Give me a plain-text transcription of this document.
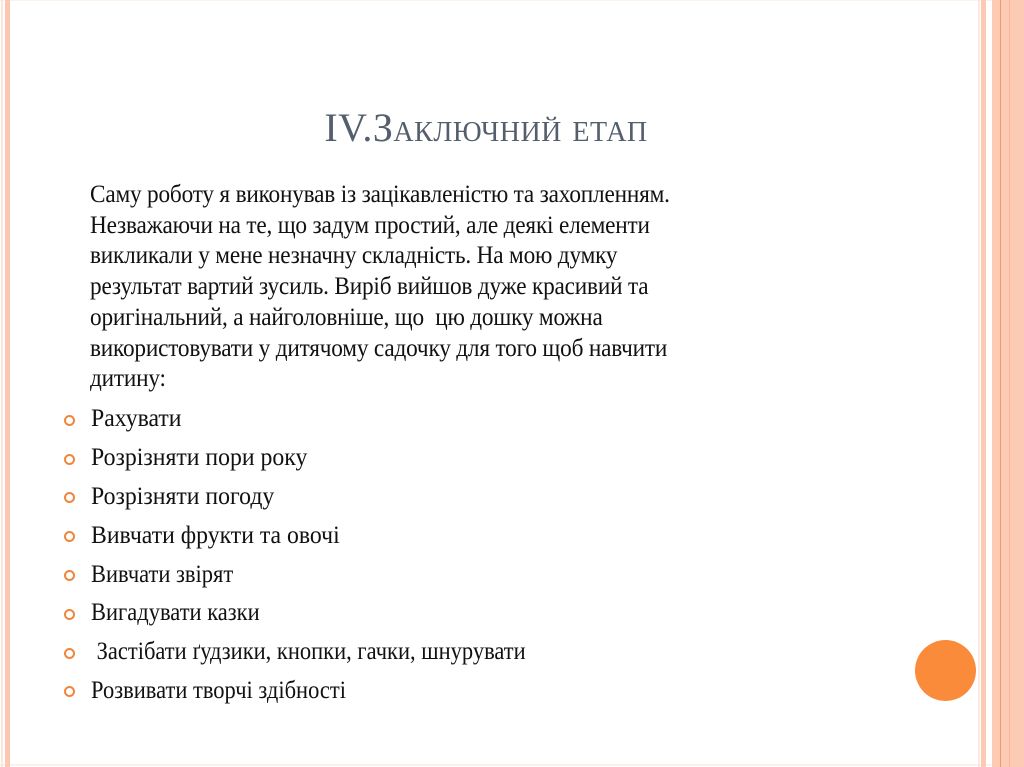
IV.Заключний етап
Саму роботу я виконував із зацікавленістю та захопленням.
Незважаючи на те, що задум простий, але деякі елементи
викликали у мене незначну складність. На мою думку
результат вартий зусиль. Виріб вийшов дуже красивий та
оригінальний, а найголовніше, що  цю дошку можна
використовувати у дитячому садочку для того щоб навчити
дитину:
Рахувати
Розрізняти пори року
Розрізняти погоду
Вивчати фрукти та овочі
Вивчати звірят
Вигадувати казки
Застібати ґудзики, кнопки, гачки, шнурувати
Розвивати творчі здібності
